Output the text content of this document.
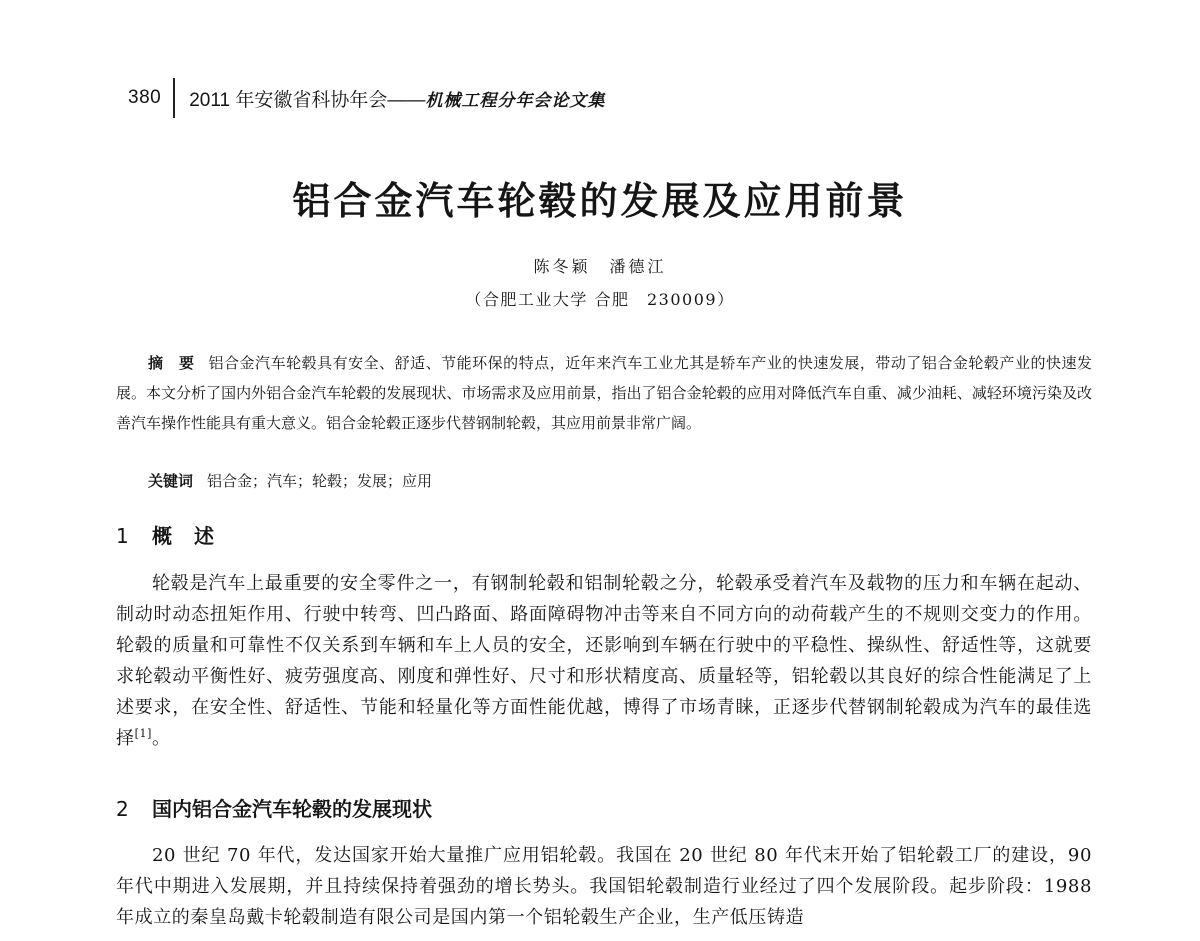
380 2011 年安徽省科协年会—— 机械工程分年会论文集
铝合金汽车轮毂的发展及应用前景
陈冬颖　潘德江
（合肥工业大学 合肥　230009）

摘　要 铝合金汽车轮毂具有安全、舒适、节能环保的特点，近年来汽车工业尤其是轿车产业的快速发展，带动了铝合金轮毂产业的快速发展。本文分析了国内外铝合金汽车轮毂的发展现状、市场需求及应用前景，指出了铝合金轮毂的应用对降低汽车自重、减少油耗、减轻环境污染及改善汽车操作性能具有重大意义。铝合金轮毂正逐步代替钢制轮毂，其应用前景非常广阔。

关键词 铝合金；汽车；轮毂；发展；应用
1 概述

轮毂是汽车上最重要的安全零件之一，有钢制轮毂和铝制轮毂之分，轮毂承受着汽车及载物的压力和车辆在起动、制动时动态扭矩作用、行驶中转弯、凹凸路面、路面障碍物冲击等来自不同方向的动荷载产生的不规则交变力的作用。轮毂的质量和可靠性不仅关系到车辆和车上人员的安全，还影响到车辆在行驶中的平稳性、操纵性、舒适性等，这就要求轮毂动平衡性好、疲劳强度高、刚度和弹性好、尺寸和形状精度高、质量轻等，铝轮毂以其良好的综合性能满足了上述要求，在安全性、舒适性、节能和轻量化等方面性能优越，博得了市场青睐，正逐步代替钢制轮毂成为汽车的最佳选择[1]。

2 国内铝合金汽车轮毂的发展现状

20 世纪 70 年代，发达国家开始大量推广应用铝轮毂。我国在 20 世纪 80 年代末开始了铝轮毂工厂的建设，90 年代中期进入发展期，并且持续保持着强劲的增长势头。我国铝轮毂制造行业经过了四个发展阶段。起步阶段：1988 年成立的秦皇岛戴卡轮毂制造有限公司是国内第一个铝轮毂生产企业，生产低压铸造
